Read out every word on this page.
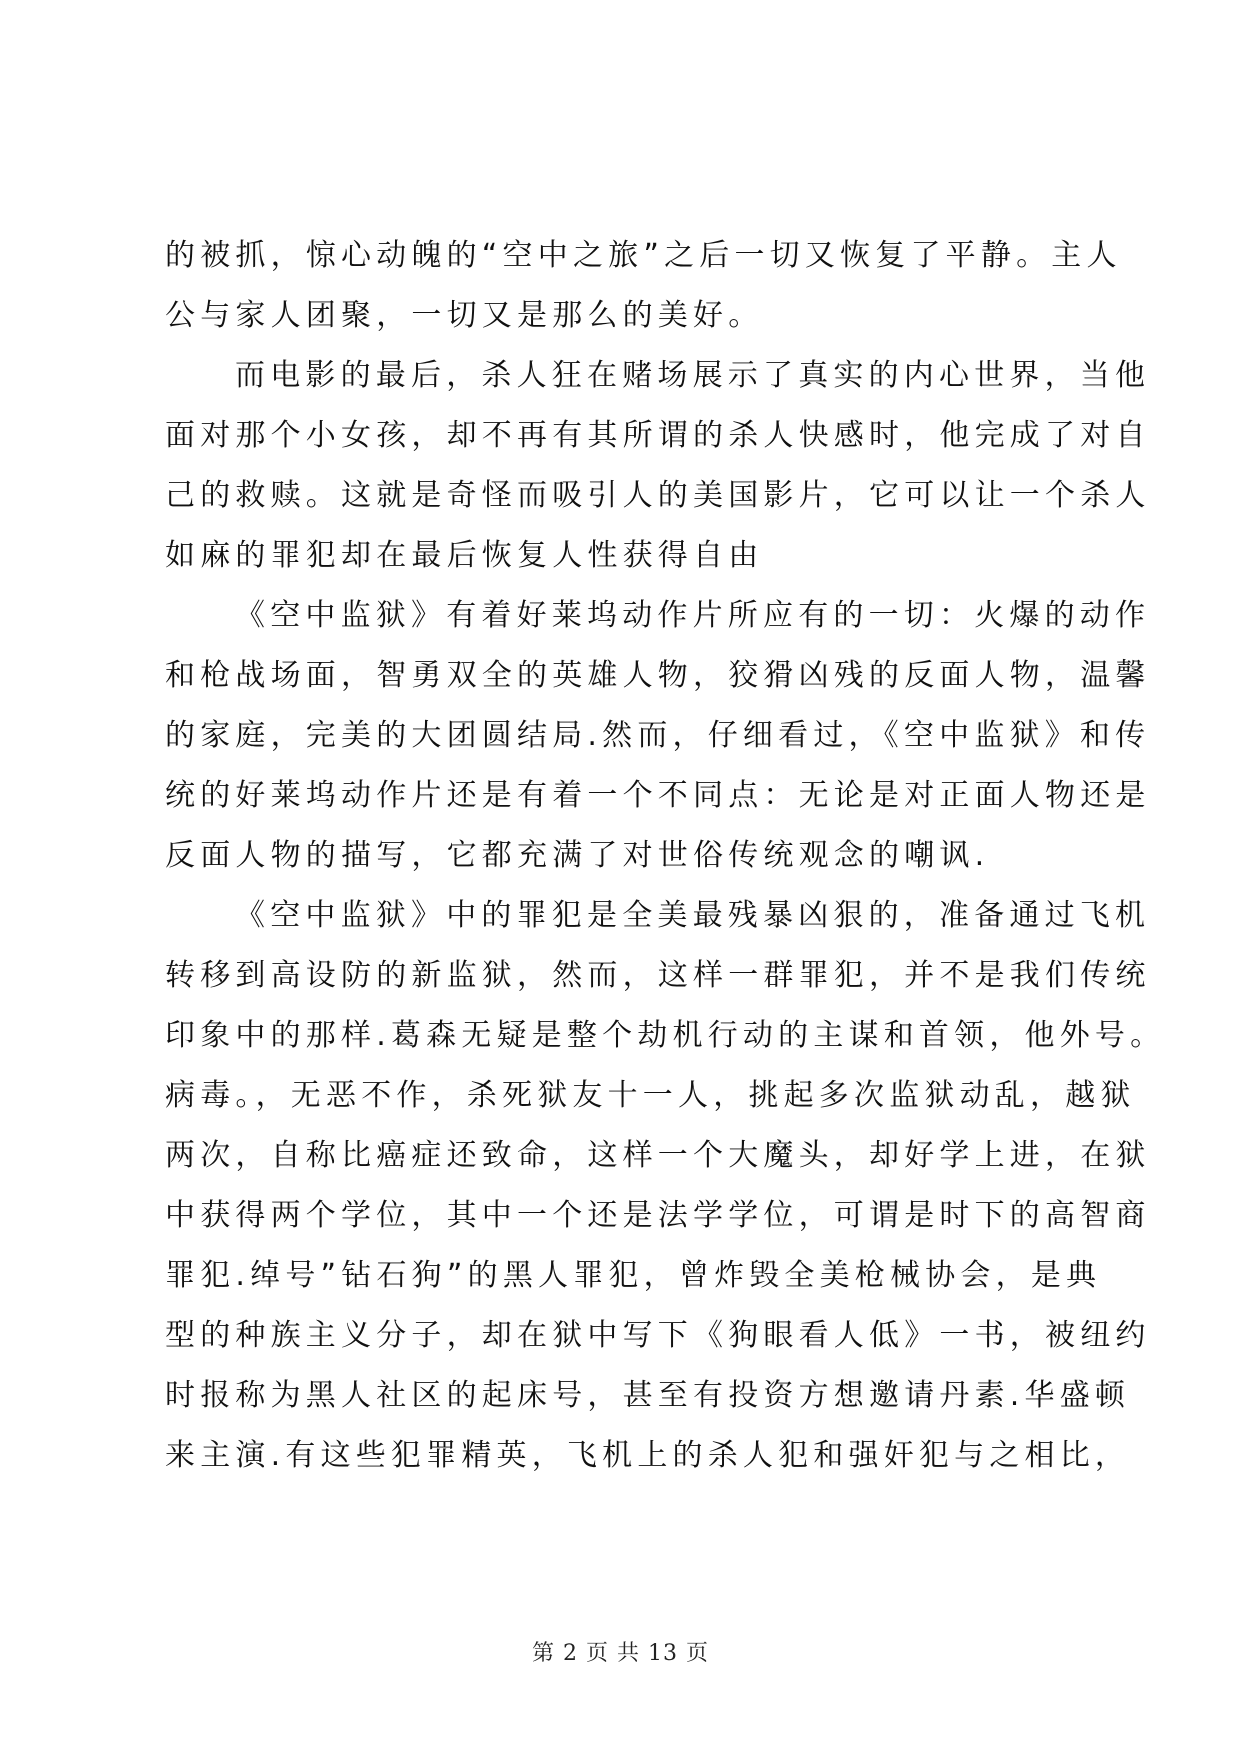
的被抓，惊心动魄的“空中之旅”之后一切又恢复了平静。主人
公与家人团聚，一切又是那么的美好。
而电影的最后，杀人狂在赌场展示了真实的内心世界，当他
面对那个小女孩，却不再有其所谓的杀人快感时，他完成了对自
己的救赎。这就是奇怪而吸引人的美国影片，它可以让一个杀人
如麻的罪犯却在最后恢复人性获得自由
《空中监狱》有着好莱坞动作片所应有的一切：火爆的动作
和枪战场面，智勇双全的英雄人物，狡猾凶残的反面人物，温馨
的家庭，完美的大团圆结局.然而，仔细看过，《空中监狱》和传
统的好莱坞动作片还是有着一个不同点：无论是对正面人物还是
反面人物的描写，它都充满了对世俗传统观念的嘲讽.
《空中监狱》中的罪犯是全美最残暴凶狠的，准备通过飞机
转移到高设防的新监狱，然而，这样一群罪犯，并不是我们传统
印象中的那样.葛森无疑是整个劫机行动的主谋和首领，他外号。
病毒。，无恶不作，杀死狱友十一人，挑起多次监狱动乱，越狱
两次，自称比癌症还致命，这样一个大魔头，却好学上进，在狱
中获得两个学位，其中一个还是法学学位，可谓是时下的高智商
罪犯.绰号”钻石狗”的黑人罪犯，曾炸毁全美枪械协会，是典
型的种族主义分子，却在狱中写下《狗眼看人低》一书，被纽约
时报称为黑人社区的起床号，甚至有投资方想邀请丹素.华盛顿
来主演.有这些犯罪精英，飞机上的杀人犯和强奸犯与之相比，
第 2 页 共 13 页
